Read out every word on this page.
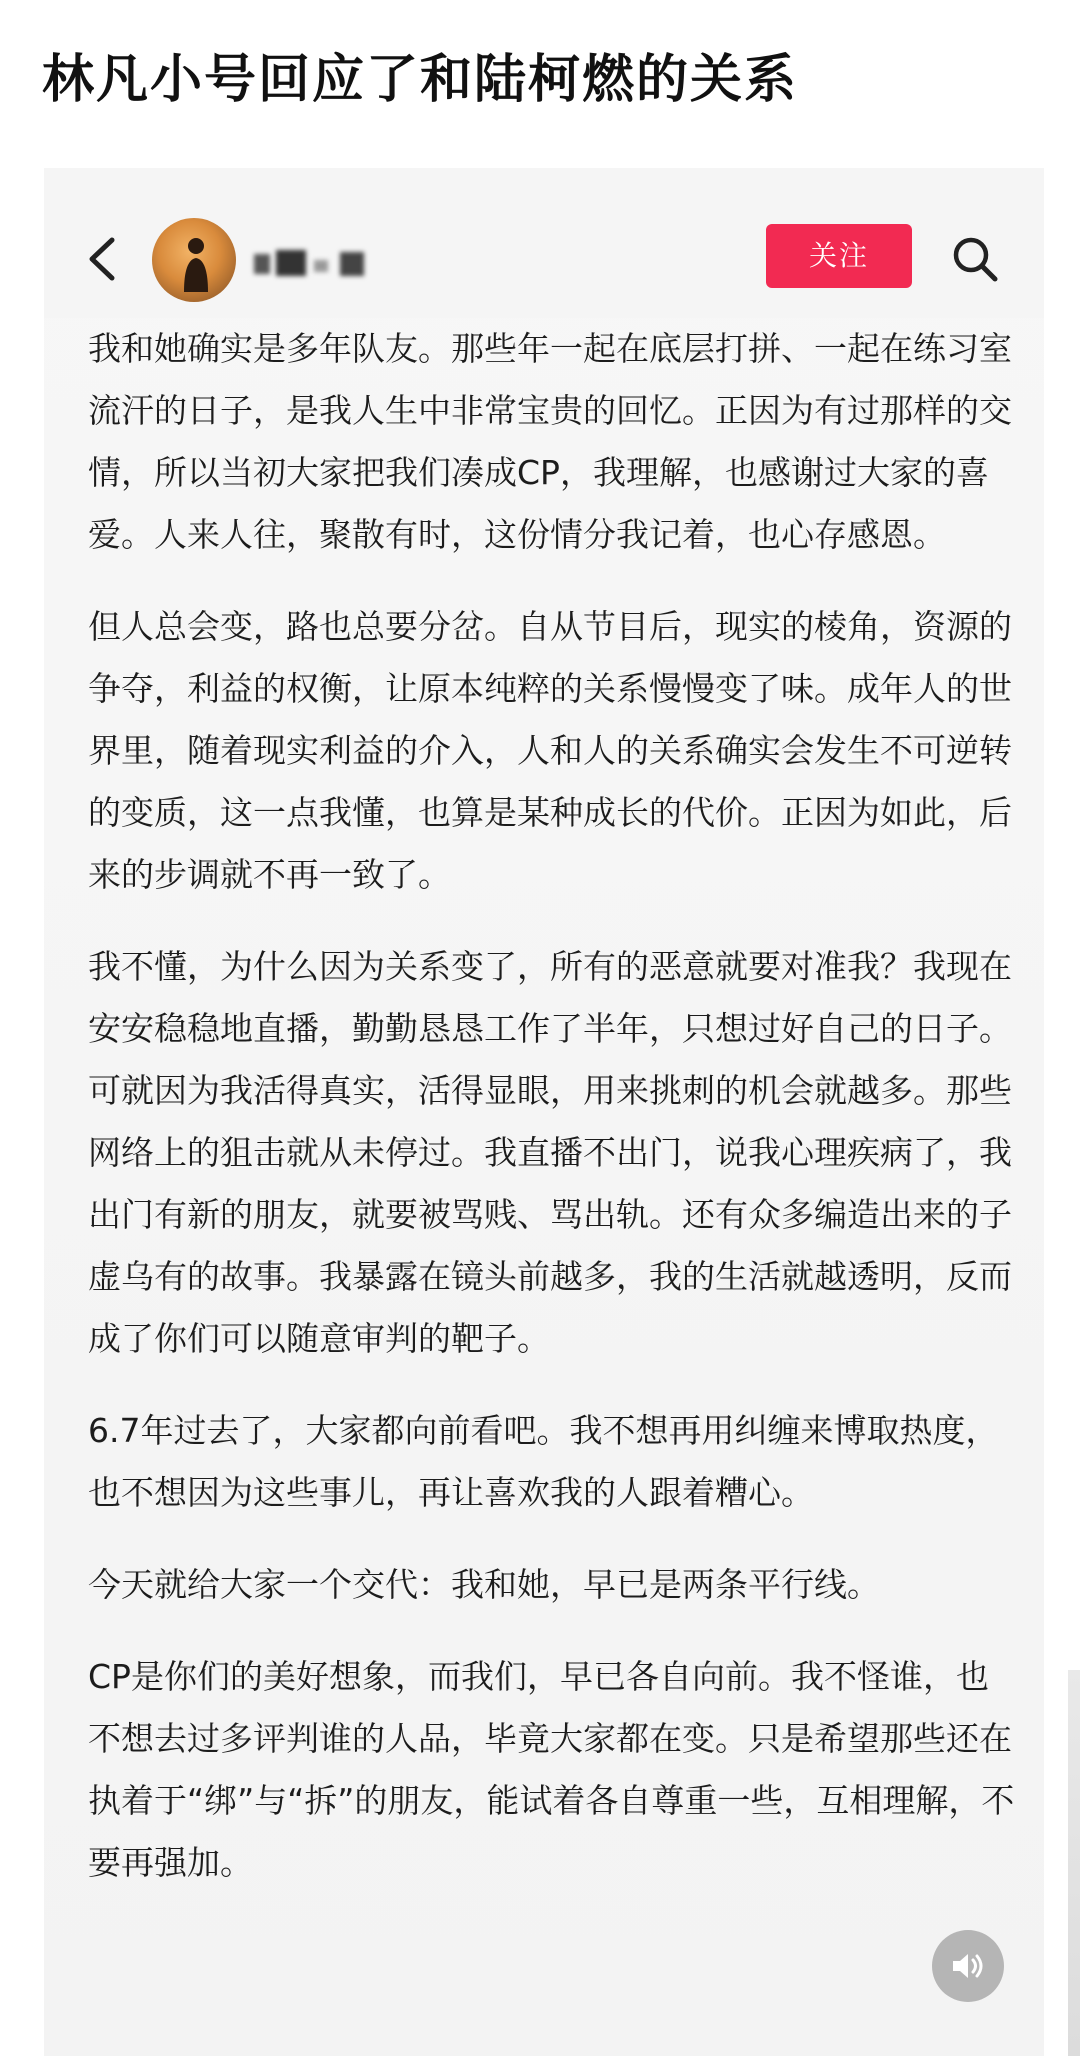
林凡小号回应了和陆柯燃的关系
关注

我和她确实是多年队友。那些年一起在底层打拼、一起在练习室流汗的日子，是我人生中非常宝贵的回忆。正因为有过那样的交情，所以当初大家把我们凑成CP，我理解，也感谢过大家的喜爱。人来人往，聚散有时，这份情分我记着，也心存感恩。

但人总会变，路也总要分岔。自从节目后，现实的棱角，资源的争夺，利益的权衡，让原本纯粹的关系慢慢变了味。成年人的世界里，随着现实利益的介入，人和人的关系确实会发生不可逆转的变质，这一点我懂，也算是某种成长的代价。正因为如此，后来的步调就不再一致了。

我不懂，为什么因为关系变了，所有的恶意就要对准我？我现在安安稳稳地直播，勤勤恳恳工作了半年，只想过好自己的日子。可就因为我活得真实，活得显眼，用来挑刺的机会就越多。那些网络上的狙击就从未停过。我直播不出门，说我心理疾病了，我出门有新的朋友，就要被骂贱、骂出轨。还有众多编造出来的子虚乌有的故事。我暴露在镜头前越多，我的生活就越透明，反而成了你们可以随意审判的靶子。

6.7年过去了，大家都向前看吧。我不想再用纠缠来博取热度，也不想因为这些事儿，再让喜欢我的人跟着糟心。

今天就给大家一个交代：我和她，早已是两条平行线。

CP是你们的美好想象，而我们，早已各自向前。我不怪谁，也不想去过多评判谁的人品，毕竟大家都在变。只是希望那些还在执着于“绑”与“拆”的朋友，能试着各自尊重一些，互相理解，不要再强加。
